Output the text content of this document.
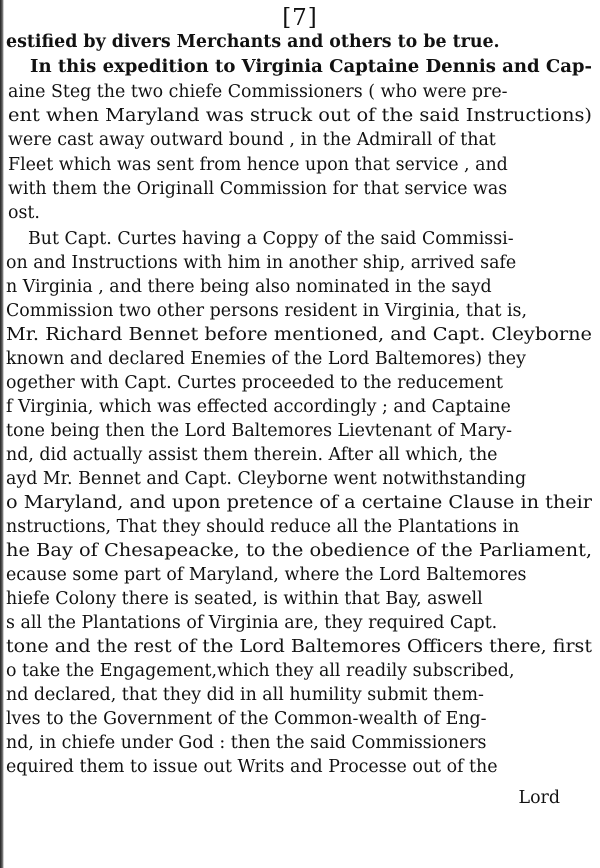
[7]
estified by divers Merchants and others to be true.
In this expedition to Virginia Captaine Dennis and Cap-
aine Steg the two chiefe Commissioners ( who were pre-
ent when Maryland was struck out of the said Instructions)
were cast away outward bound , in the Admirall of that
Fleet which was sent from hence upon that service , and
with them the Originall Commission for that service was
ost.
But Capt. Curtes having a Coppy of the said Commissi-
on and Instructions with him in another ship, arrived safe
n Virginia , and there being also nominated in the sayd
Commission two other persons resident in Virginia, that is,
Mr. Richard Bennet before mentioned, and Capt. Cleyborne
known and declared Enemies of the Lord Baltemores) they
ogether with Capt. Curtes proceeded to the reducement
f Virginia, which was effected accordingly ; and Captaine
tone being then the Lord Baltemores Lievtenant of Mary-
nd, did actually assist them therein. After all which, the
ayd Mr. Bennet and Capt. Cleyborne went notwithstanding
o Maryland, and upon pretence of a certaine Clause in their
nstructions, That they should reduce all the Plantations in
he Bay of Chesapeacke, to the obedience of the Parliament,
ecause some part of Maryland, where the Lord Baltemores
hiefe Colony there is seated, is within that Bay, aswell
s all the Plantations of Virginia are, they required Capt.
tone and the rest of the Lord Baltemores Officers there, first
o take the Engagement,which they all readily subscribed,
nd declared, that they did in all humility submit them-
lves to the Government of the Common-wealth of Eng-
nd, in chiefe under God : then the said Commissioners
equired them to issue out Writs and Processe out of the
Lord
